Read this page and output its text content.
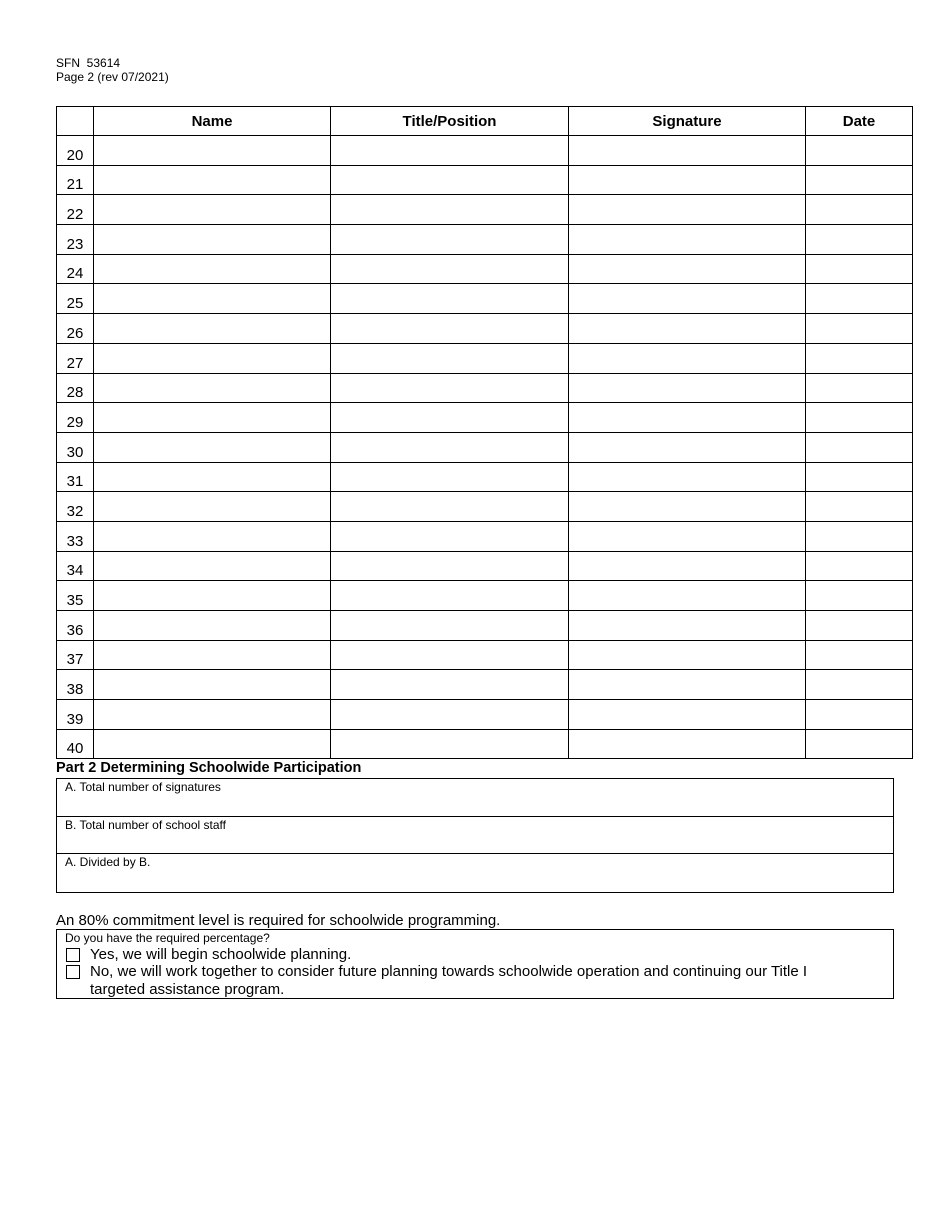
SFN  53614
Page 2 (rev 07/2021)
	Name	Title/Position	Signature	Date
20				
21				
22				
23				
24				
25				
26				
27				
28				
29				
30				
31				
32				
33				
34				
35				
36				
37				
38				
39				
40				
Part 2 Determining Schoolwide Participation
A. Total number of signatures
B. Total number of school staff
A. Divided by B.
An 80% commitment level is required for schoolwide programming.
Do you have the required percentage?
Yes, we will begin schoolwide planning.
No, we will work together to consider future planning towards schoolwide operation and continuing our Title I targeted assistance program.
